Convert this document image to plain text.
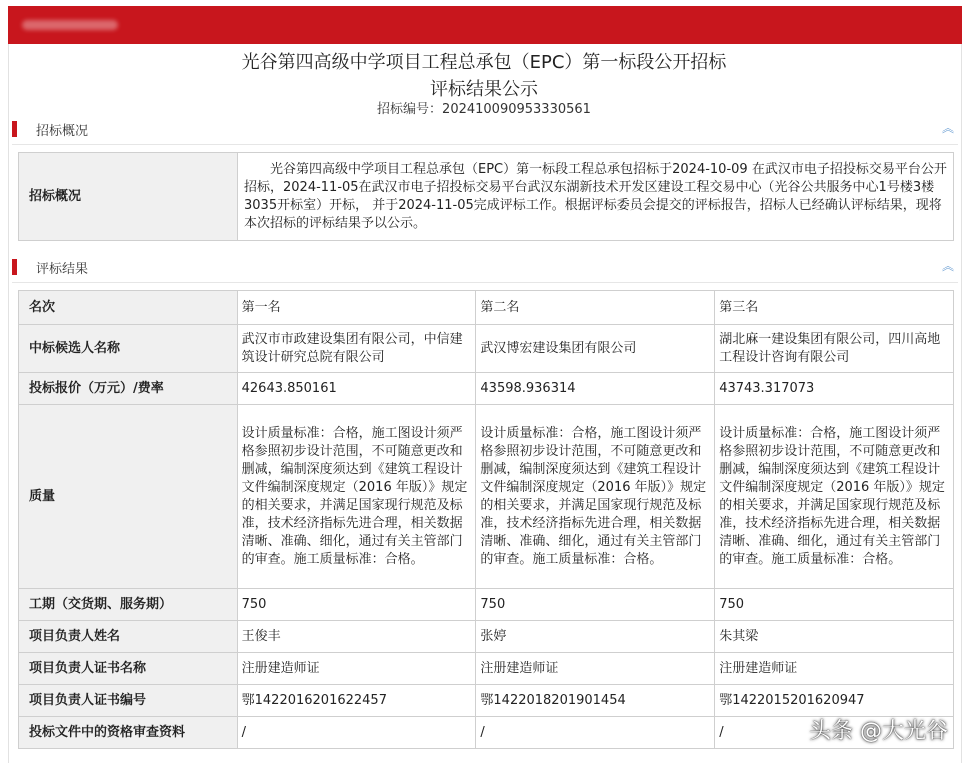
光谷第四高级中学项目工程总承包（EPC）第一标段公开招标
评标结果公示
招标编号：20241009095333056​1
招标概况	︽
招标概况	光谷第四高级中学项目工程总承包（EPC）第一标段工程总承包招标于2024-10-09 在武汉市电子招投标交易平台公开招标，2024-11-05在武汉市电子招投标交易平台武汉东湖新技术开发区建设工程交易中心（光谷公共服务中心1号楼3楼3035开标室）开标， 并于2024-11-05完成评标工作。根据评标委员会提交的评标报告，招标人已经确认评标结果，现将本次招标的评标结果予以公示。
评标结果	︽
名次	第一名	第二名	第三名
中标候选人名称	武汉市市政建设集团有限公司，中信建筑设计研究总院有限公司	武汉博宏建设集团有限公司	湖北麻一建设集团有限公司，四川高地工程设计咨询有限公司
投标报价（万元）/费率	42643.850161	43598.936314	43743.317073
质量	设计质量标准：合格，施工图设计须严格参照初步设计范围，不可随意更改和删减，编制深度须达到《建筑工程设计文件编制深度规定（2016 年版）》规定的相关要求，并满足国家现行规范及标准，技术经济指标先进合理，相关数据清晰、准确、细化，通过有关主管部门的审查。施工质量标准：合格。	设计质量标准：合格，施工图设计须严格参照初步设计范围，不可随意更改和删减，编制深度须达到《建筑工程设计文件编制深度规定（2016 年版）》规定的相关要求，并满足国家现行规范及标准，技术经济指标先进合理，相关数据清晰、准确、细化，通过有关主管部门的审查。施工质量标准：合格。	设计质量标准：合格，施工图设计须严格参照初步设计范围，不可随意更改和删减，编制深度须达到《建筑工程设计文件编制深度规定（2016 年版）》规定的相关要求，并满足国家现行规范及标准，技术经济指标先进合理，相关数据清晰、准确、细化，通过有关主管部门的审查。施工质量标准：合格。
工期（交货期、服务期）	750	750	750
项目负责人姓名	王俊丰	张婷	朱其梁
项目负责人证书名称	注册建造师证	注册建造师证	注册建造师证
项目负责人证书编号	鄂1422016201622457	鄂1422018201901454	鄂1422015201620947
投标文件中的资格审查资料	/	/	/	头条 @大光谷
